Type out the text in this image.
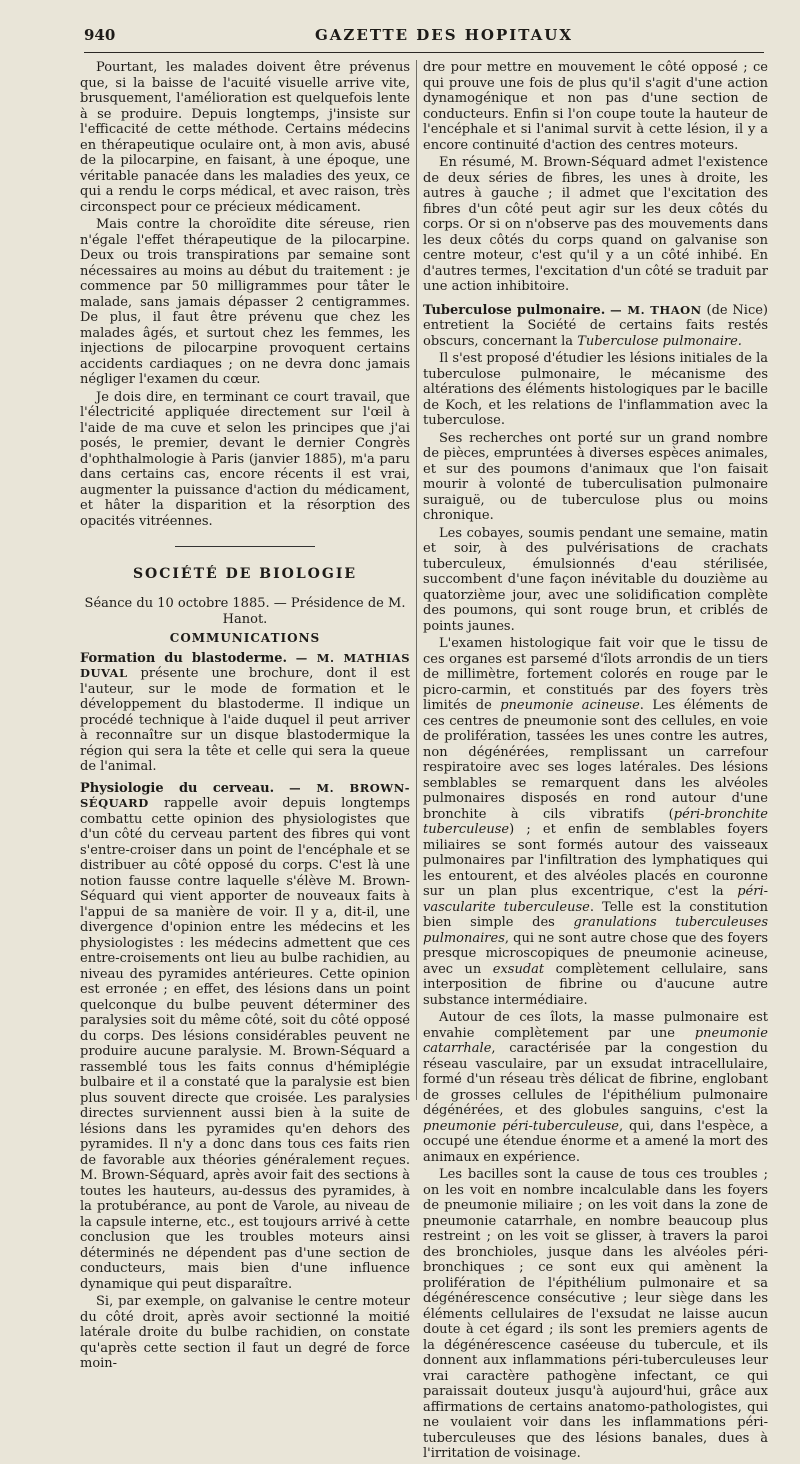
940	GAZETTE DES HOPITAUX

Pourtant, les malades doivent être prévenus que, si la baisse de l'acuité visuelle arrive vite, brusquement, l'amélioration est quelquefois lente à se produire. Depuis longtemps, j'insiste sur l'efficacité de cette méthode. Certains médecins en thérapeutique oculaire ont, à mon avis, abusé de la pilocarpine, en faisant, à une époque, une véritable panacée dans les maladies des yeux, ce qui a rendu le corps médical, et avec raison, très circonspect pour ce précieux médicament.

Mais contre la choroïdite dite séreuse, rien n'égale l'effet thérapeutique de la pilocarpine. Deux ou trois transpirations par semaine sont nécessaires au moins au début du traitement : je commence par 50 milligrammes pour tâter le malade, sans jamais dépasser 2 centigrammes. De plus, il faut être prévenu que chez les malades âgés, et surtout chez les femmes, les injections de pilocarpine provoquent certains accidents cardiaques ; on ne devra donc jamais négliger l'examen du cœur.

Je dois dire, en terminant ce court travail, que l'électricité appliquée directement sur l'œil à l'aide de ma cuve et selon les principes que j'ai posés, le premier, devant le dernier Congrès d'ophthalmologie à Paris (janvier 1885), m'a paru dans certains cas, encore récents il est vrai, augmenter la puissance d'action du médicament, et hâter la disparition et la résorption des opacités vitréennes.

SOCIÉTÉ DE BIOLOGIE
Séance du 10 octobre 1885. — Présidence de M. Hanot.
COMMUNICATIONS

Formation du blastoderme. — M. MATHIAS DUVAL présente une brochure, dont il est l'auteur, sur le mode de formation et le développement du blastoderme. Il indique un procédé technique à l'aide duquel il peut arriver à reconnaître sur un disque blastodermique la région qui sera la tête et celle qui sera la queue de l'animal.

Physiologie du cerveau. — M. BROWN-SÉQUARD rappelle avoir depuis longtemps combattu cette opinion des physiologistes que d'un côté du cerveau partent des fibres qui vont s'entre-croiser dans un point de l'encéphale et se distribuer au côté opposé du corps. C'est là une notion fausse contre laquelle s'élève M. Brown-Séquard qui vient apporter de nouveaux faits à l'appui de sa manière de voir. Il y a, dit-il, une divergence d'opinion entre les médecins et les physiologistes : les médecins admettent que ces entre-croisements ont lieu au bulbe rachidien, au niveau des pyramides antérieures. Cette opinion est erronée ; en effet, des lésions dans un point quelconque du bulbe peuvent déterminer des paralysies soit du même côté, soit du côté opposé du corps. Des lésions considérables peuvent ne produire aucune paralysie. M. Brown-Séquard a rassemblé tous les faits connus d'hémiplégie bulbaire et il a constaté que la paralysie est bien plus souvent directe que croisée. Les paralysies directes surviennent aussi bien à la suite de lésions dans les pyramides qu'en dehors des pyramides. Il n'y a donc dans tous ces faits rien de favorable aux théories généralement reçues. M. Brown-Séquard, après avoir fait des sections à toutes les hauteurs, au-dessus des pyramides, à la protubérance, au pont de Varole, au niveau de la capsule interne, etc., est toujours arrivé à cette conclusion que les troubles moteurs ainsi déterminés ne dépendent pas d'une section de conducteurs, mais bien d'une influence dynamique qui peut disparaître.

Si, par exemple, on galvanise le centre moteur du côté droit, après avoir sectionné la moitié latérale droite du bulbe rachidien, on constate qu'après cette section il faut un degré de force moin-

dre pour mettre en mouvement le côté opposé ; ce qui prouve une fois de plus qu'il s'agit d'une action dynamogénique et non pas d'une section de conducteurs. Enfin si l'on coupe toute la hauteur de l'encéphale et si l'animal survit à cette lésion, il y a encore continuité d'action des centres moteurs.

En résumé, M. Brown-Séquard admet l'existence de deux séries de fibres, les unes à droite, les autres à gauche ; il admet que l'excitation des fibres d'un côté peut agir sur les deux côtés du corps. Or si on n'observe pas des mouvements dans les deux côtés du corps quand on galvanise son centre moteur, c'est qu'il y a un côté inhibé. En d'autres termes, l'excitation d'un côté se traduit par une action inhibitoire.

Tuberculose pulmonaire. — M. THAON (de Nice) entretient la Société de certains faits restés obscurs, concernant la Tuberculose pulmonaire.

Il s'est proposé d'étudier les lésions initiales de la tuberculose pulmonaire, le mécanisme des altérations des éléments histologiques par le bacille de Koch, et les relations de l'inflammation avec la tuberculose.

Ses recherches ont porté sur un grand nombre de pièces, empruntées à diverses espèces animales, et sur des poumons d'animaux que l'on faisait mourir à volonté de tuberculisation pulmonaire suraiguë, ou de tuberculose plus ou moins chronique.

Les cobayes, soumis pendant une semaine, matin et soir, à des pulvérisations de crachats tuberculeux, émulsionnés d'eau stérilisée, succombent d'une façon inévitable du douzième au quatorzième jour, avec une solidification complète des poumons, qui sont rouge brun, et criblés de points jaunes.

L'examen histologique fait voir que le tissu de ces organes est parsemé d'îlots arrondis de un tiers de millimètre, fortement colorés en rouge par le picro-carmin, et constitués par des foyers très limités de pneumonie acineuse. Les éléments de ces centres de pneumonie sont des cellules, en voie de prolifération, tassées les unes contre les autres, non dégénérées, remplissant un carrefour respiratoire avec ses loges latérales. Des lésions semblables se remarquent dans les alvéoles pulmonaires disposés en rond autour d'une bronchite à cils vibratifs (péri-bronchite tuberculeuse) ; et enfin de semblables foyers miliaires se sont formés autour des vaisseaux pulmonaires par l'infiltration des lymphatiques qui les entourent, et des alvéoles placés en couronne sur un plan plus excentrique, c'est la péri-vascularite tuberculeuse. Telle est la constitution bien simple des granulations tuberculeuses pulmonaires, qui ne sont autre chose que des foyers presque microscopiques de pneumonie acineuse, avec un exsudat complètement cellulaire, sans interposition de fibrine ou d'aucune autre substance intermédiaire.

Autour de ces îlots, la masse pulmonaire est envahie complètement par une pneumonie catarrhale, caractérisée par la congestion du réseau vasculaire, par un exsudat intracellulaire, formé d'un réseau très délicat de fibrine, englobant de grosses cellules de l'épithélium pulmonaire dégénérées, et des globules sanguins, c'est la pneumonie péri-tuberculeuse, qui, dans l'espèce, a occupé une étendue énorme et a amené la mort des animaux en expérience.

Les bacilles sont la cause de tous ces troubles ; on les voit en nombre incalculable dans les foyers de pneumonie miliaire ; on les voit dans la zone de pneumonie catarrhale, en nombre beaucoup plus restreint ; on les voit se glisser, à travers la paroi des bronchioles, jusque dans les alvéoles péri-bronchiques ; ce sont eux qui amènent la prolifération de l'épithélium pulmonaire et sa dégénérescence consécutive ; leur siège dans les éléments cellulaires de l'exsudat ne laisse aucun doute à cet égard ; ils sont les premiers agents de la dégénérescence caséeuse du tubercule, et ils donnent aux inflammations péri-tuberculeuses leur vrai caractère pathogène infectant, ce qui paraissait douteux jusqu'à aujourd'hui, grâce aux affirmations de certains anatomo-pathologistes, qui ne voulaient voir dans les inflammations péri-tuberculeuses que des lésions banales, dues à l'irritation de voisinage.
